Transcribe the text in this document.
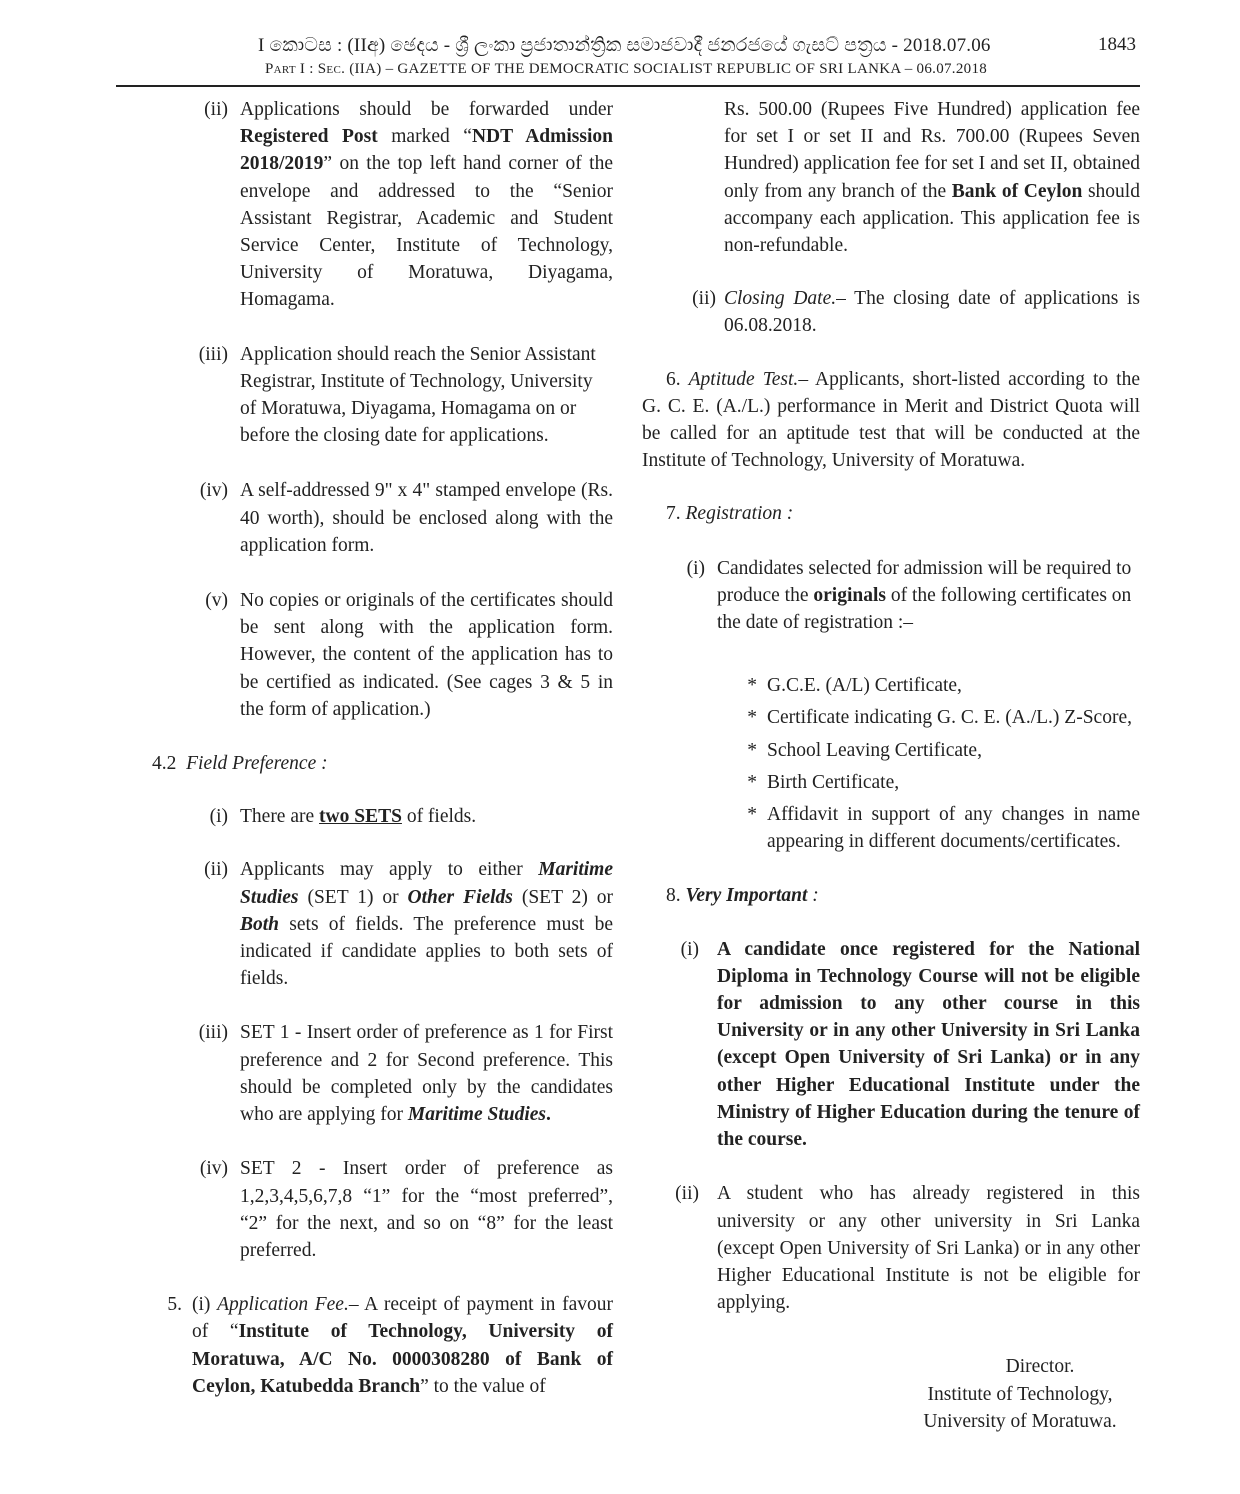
I කොටස : (IIඅ) ඡෙදය - ශ්‍රී ලංකා ප්‍රජාතාන්ත්‍රික සමාජවාදී ජනරජයේ ගැසට් පත්‍රය - 2018.07.06	1843
Part I : Sec. (IIA) – GAZETTE OF THE DEMOCRATIC SOCIALIST REPUBLIC OF SRI LANKA – 06.07.2018
(ii) Applications should be forwarded under Registered Post marked “NDT Admission 2018/2019” on the top left hand corner of the envelope and addressed to the “Senior Assistant Registrar, Academic and Student Service Center, Institute of Technology, University of Moratuwa, Diyagama, Homagama.

(iii) Application should reach the Senior Assistant Registrar, Institute of Technology, University of Moratuwa, Diyagama, Homagama on or before the closing date for applications.

(iv) A self-addressed 9" x 4" stamped envelope (Rs. 40 worth), should be enclosed along with the application form.

(v) No copies or originals of the certificates should be sent along with the application form. However, the content of the application has to be certified as indicated. (See cages 3 & 5 in the form of application.)

4.2 Field Preference :
(i) There are two SETS of fields.

(ii) Applicants may apply to either Maritime Studies (SET 1) or Other Fields (SET 2) or Both sets of fields. The preference must be indicated if candidate applies to both sets of fields.

(iii) SET 1 - Insert order of preference as 1 for First preference and 2 for Second preference. This should be completed only by the candidates who are applying for Maritime Studies.

(iv) SET 2 - Insert order of preference as 1,2,3,4,5,6,7,8 “1” for the “most preferred”, “2” for the next, and so on “8” for the least preferred.

5. (i) Application Fee.– A receipt of payment in favour of “Institute of Technology, University of Moratuwa, A/C No. 0000308280 of Bank of Ceylon, Katubedda Branch” to the value of

Rs. 500.00 (Rupees Five Hundred) application fee for set I or set II and Rs. 700.00 (Rupees Seven Hundred) application fee for set I and set II, obtained only from any branch of the Bank of Ceylon should accompany each application. This application fee is non-refundable.

(ii) Closing Date.– The closing date of applications is 06.08.2018.

6. Aptitude Test.– Applicants, short-listed according to the G. C. E. (A./L.) performance in Merit and District Quota will be called for an aptitude test that will be conducted at the Institute of Technology, University of Moratuwa.

7. Registration :
(i) Candidates selected for admission will be required to produce the originals of the following certificates on the date of registration :–

* G.C.E. (A/L) Certificate,
* Certificate indicating G. C. E. (A./L.) Z-Score,
* School Leaving Certificate,
* Birth Certificate,
* Affidavit in support of any changes in name appearing in different documents/certificates.
8. Very Important :
(i) A candidate once registered for the National Diploma in Technology Course will not be eligible for admission to any other course in this University or in any other University in Sri Lanka (except Open University of Sri Lanka) or in any other Higher Educational Institute under the Ministry of Higher Education during the tenure of the course.

(ii) A student who has already registered in this university or any other university in Sri Lanka (except Open University of Sri Lanka) or in any other Higher Educational Institute is not be eligible for applying.

Director.
Institute of Technology,
University of Moratuwa.
